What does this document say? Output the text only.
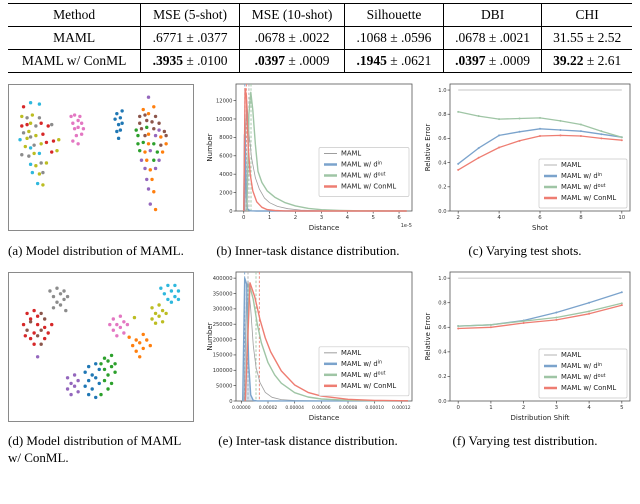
Method	MSE (5-shot)	MSE (10-shot)	Silhouette	DBI	CHI
MAML	.6771 ± .0377	.0678 ± .0022	.1068 ± .0596	.0678 ± .0021	31.55 ± 2.52
MAML w/ ConML	.3935 ± .0100	.0397 ± .0009	.1945 ± .0621	.0397 ± .0009	39.22 ± 2.61
0	1	2	3	4	5	6
0
2000
4000
6000
8000
10000
12000
Distance
Number
1e-5
MAML
MAML w/ $d^{in}$
MAML w/ $d^{out}$
MAML w/ ConML
2	4	6	8	10
0.0
0.2
0.4
0.6
0.8
1.0
Shot
Relative Error	MAML
MAML w/ $d^{in}$
MAML w/ $d^{out}$
MAML w/ ConML
(a) Model distribution of MAML.	(b) Inner-task distance distribution.	(c) Varying test shots.
0.00000 0.00002 0.00004 0.00006 0.00008 0.00010 0.00012
0
50000
100000
150000
200000
250000
300000
350000
400000
Distance
Number
MAML
MAML w/ $d^{in}$
MAML w/ $d^{out}$
MAML w/ ConML
0	1	2	3	4	5
0.0
0.2
0.4
0.6
0.8
1.0
Distribution Shift
Relative Error	MAML
MAML w/ $d^{in}$
MAML w/ $d^{out}$
MAML w/ ConML
(d) Model distribution of MAML w/ ConML.
(e) Inter-task distance distribution.	(f) Varying test distribution.
